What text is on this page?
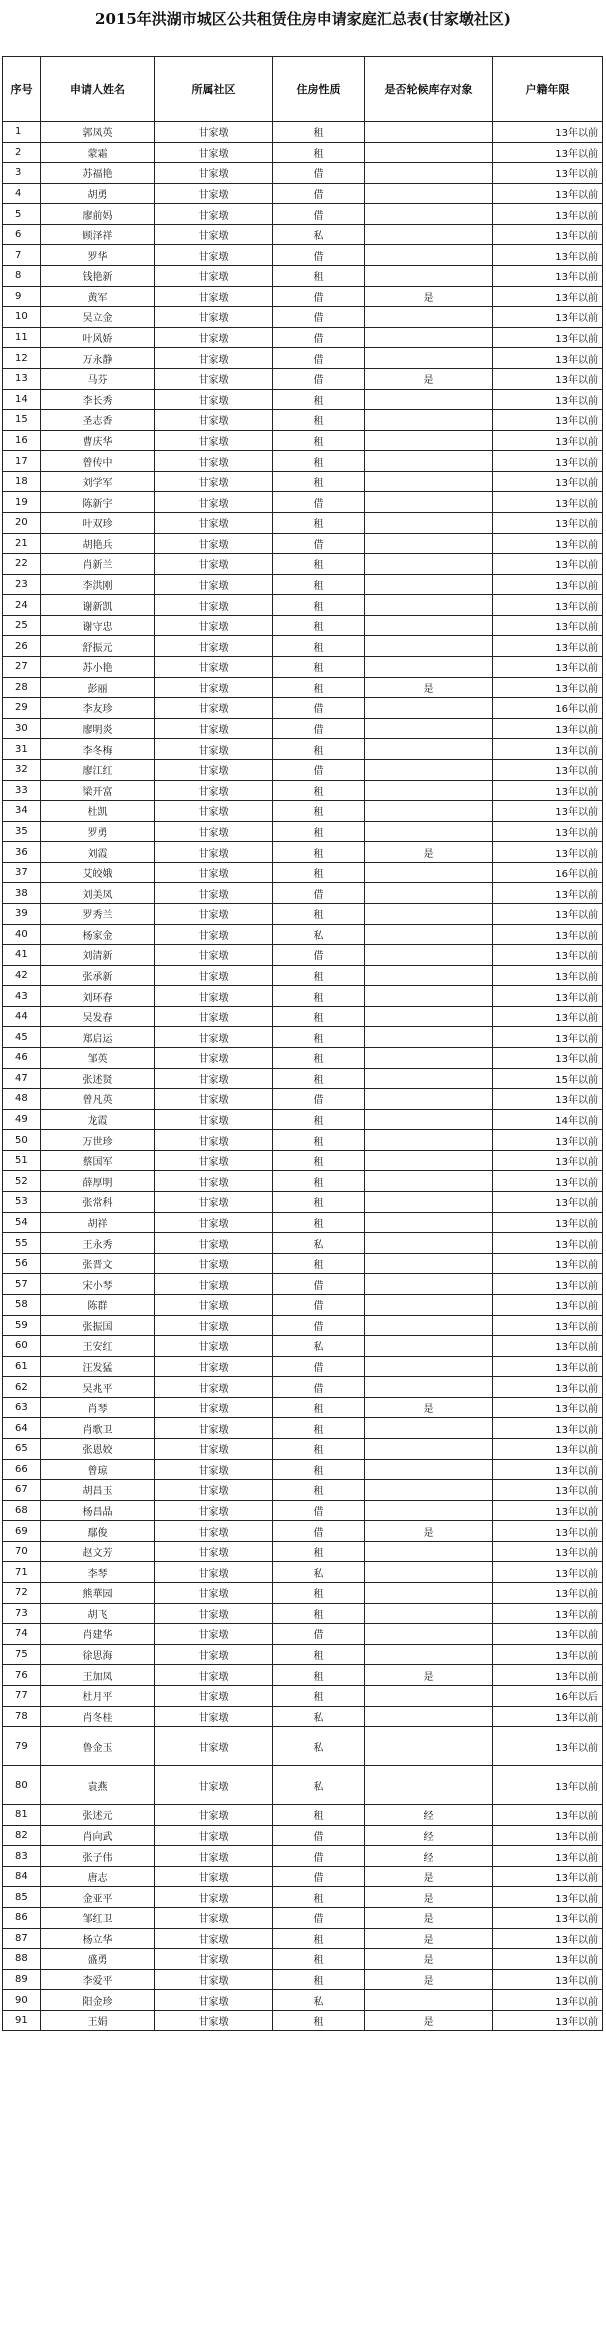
2015年洪湖市城区公共租赁住房申请家庭汇总表(甘家墩社区)
序号	申请人姓名	所属社区	住房性质	是否轮候库存对象	户籍年限
1	郭凤英	甘家墩	租		13年以前
2	蒙霜	甘家墩	租		13年以前
3	苏福艳	甘家墩	借		13年以前
4	胡勇	甘家墩	借		13年以前
5	廖前妈	甘家墩	借		13年以前
6	顾泽祥	甘家墩	私		13年以前
7	罗华	甘家墩	借		13年以前
8	钱艳新	甘家墩	租		13年以前
9	黄军	甘家墩	借	是	13年以前
10	吴立金	甘家墩	借		13年以前
11	叶风娇	甘家墩	借		13年以前
12	万永静	甘家墩	借		13年以前
13	马芬	甘家墩	借	是	13年以前
14	李长秀	甘家墩	租		13年以前
15	圣志香	甘家墩	租		13年以前
16	曹庆华	甘家墩	租		13年以前
17	曾传中	甘家墩	租		13年以前
18	刘学军	甘家墩	租		13年以前
19	陈新宇	甘家墩	借		13年以前
20	叶双珍	甘家墩	租		13年以前
21	胡艳兵	甘家墩	借		13年以前
22	肖新兰	甘家墩	租		13年以前
23	李洪刚	甘家墩	租		13年以前
24	谢新凯	甘家墩	租		13年以前
25	谢守忠	甘家墩	租		13年以前
26	舒振元	甘家墩	租		13年以前
27	苏小艳	甘家墩	租		13年以前
28	彭丽	甘家墩	租	是	13年以前
29	李友珍	甘家墩	借		16年以前
30	廖明炎	甘家墩	借		13年以前
31	李冬梅	甘家墩	租		13年以前
32	廖江红	甘家墩	借		13年以前
33	梁开富	甘家墩	租		13年以前
34	杜凯	甘家墩	租		13年以前
35	罗勇	甘家墩	租		13年以前
36	刘霞	甘家墩	租	是	13年以前
37	艾皎娥	甘家墩	租		16年以前
38	刘美凤	甘家墩	借		13年以前
39	罗秀兰	甘家墩	租		13年以前
40	杨家金	甘家墩	私		13年以前
41	刘清新	甘家墩	借		13年以前
42	张承新	甘家墩	租		13年以前
43	刘环春	甘家墩	租		13年以前
44	吴发春	甘家墩	租		13年以前
45	郑启运	甘家墩	租		13年以前
46	邹英	甘家墩	租		13年以前
47	张述贤	甘家墩	租		15年以前
48	曾凡英	甘家墩	借		13年以前
49	龙霞	甘家墩	租		14年以前
50	万世珍	甘家墩	租		13年以前
51	蔡国军	甘家墩	租		13年以前
52	薛厚明	甘家墩	租		13年以前
53	张常科	甘家墩	租		13年以前
54	胡祥	甘家墩	租		13年以前
55	王永秀	甘家墩	私		13年以前
56	张晋文	甘家墩	租		13年以前
57	宋小琴	甘家墩	借		13年以前
58	陈群	甘家墩	借		13年以前
59	张振国	甘家墩	借		13年以前
60	王安红	甘家墩	私		13年以前
61	汪发猛	甘家墩	借		13年以前
62	吴兆平	甘家墩	借		13年以前
63	肖琴	甘家墩	租	是	13年以前
64	肖歌卫	甘家墩	租		13年以前
65	张恩姣	甘家墩	租		13年以前
66	曾琼	甘家墩	租		13年以前
67	胡昌玉	甘家墩	租		13年以前
68	杨昌晶	甘家墩	借		13年以前
69	鄢俊	甘家墩	借	是	13年以前
70	赵文芳	甘家墩	租		13年以前
71	李琴	甘家墩	私		13年以前
72	熊華园	甘家墩	租		13年以前
73	胡飞	甘家墩	租		13年以前
74	肖建华	甘家墩	借		13年以前
75	徐思海	甘家墩	租		13年以前
76	王加凤	甘家墩	租	是	13年以前
77	杜月平	甘家墩	租		16年以后
78	肖冬桂	甘家墩	私		13年以前
79	鲁金玉	甘家墩	私		13年以前
80	袁燕	甘家墩	私		13年以前
81	张述元	甘家墩	租	经	13年以前
82	肖向武	甘家墩	借	经	13年以前
83	张子伟	甘家墩	借	经	13年以前
84	唐志	甘家墩	借	是	13年以前
85	金亚平	甘家墩	租	是	13年以前
86	邹红卫	甘家墩	借	是	13年以前
87	杨立华	甘家墩	租	是	13年以前
88	盛勇	甘家墩	租	是	13年以前
89	李爱平	甘家墩	租	是	13年以前
90	阳金珍	甘家墩	私		13年以前
91	王娟	甘家墩	租	是	13年以前
